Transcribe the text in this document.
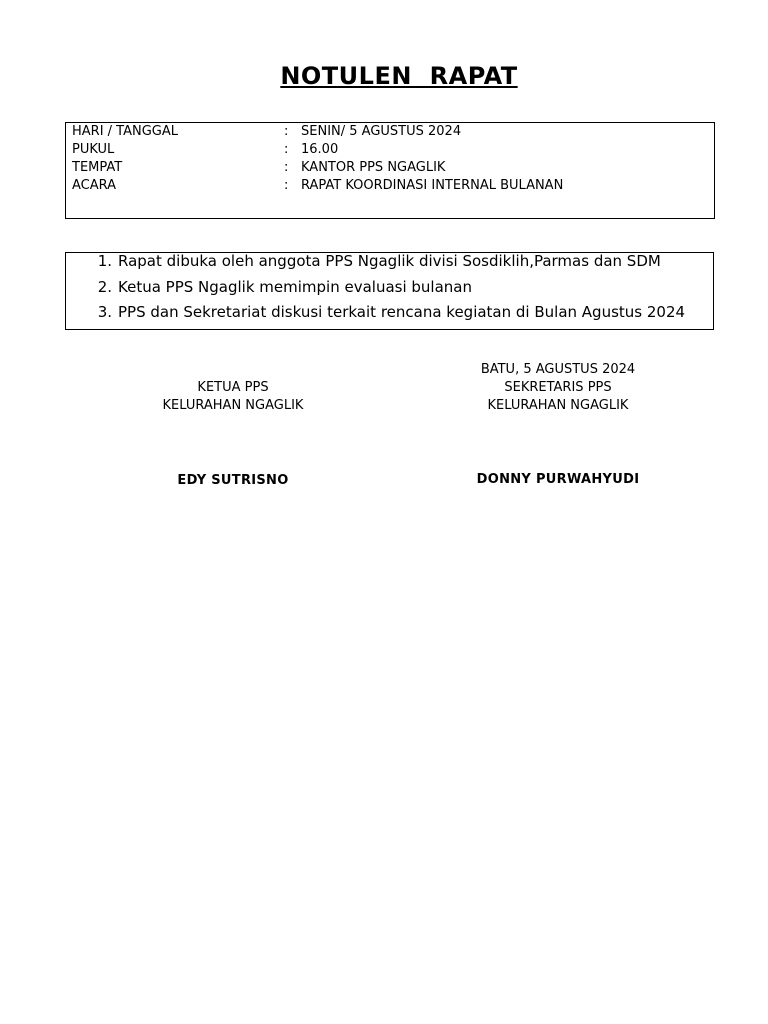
NOTULEN  RAPAT
HARI / TANGGAL	: SENIN/ 5 AGUSTUS 2024
PUKUL	: 16.00
TEMPAT	: KANTOR PPS NGAGLIK
ACARA	: RAPAT KOORDINASI INTERNAL BULANAN
1. Rapat dibuka oleh anggota PPS Ngaglik divisi Sosdiklih,Parmas dan SDM
2. Ketua PPS Ngaglik memimpin evaluasi bulanan
3. PPS dan Sekretariat diskusi terkait rencana kegiatan di Bulan Agustus 2024
KETUA PPS
KELURAHAN NGAGLIK
EDY SUTRISNO
BATU, 5 AGUSTUS 2024
SEKRETARIS PPS
KELURAHAN NGAGLIK
DONNY PURWAHYUDI
